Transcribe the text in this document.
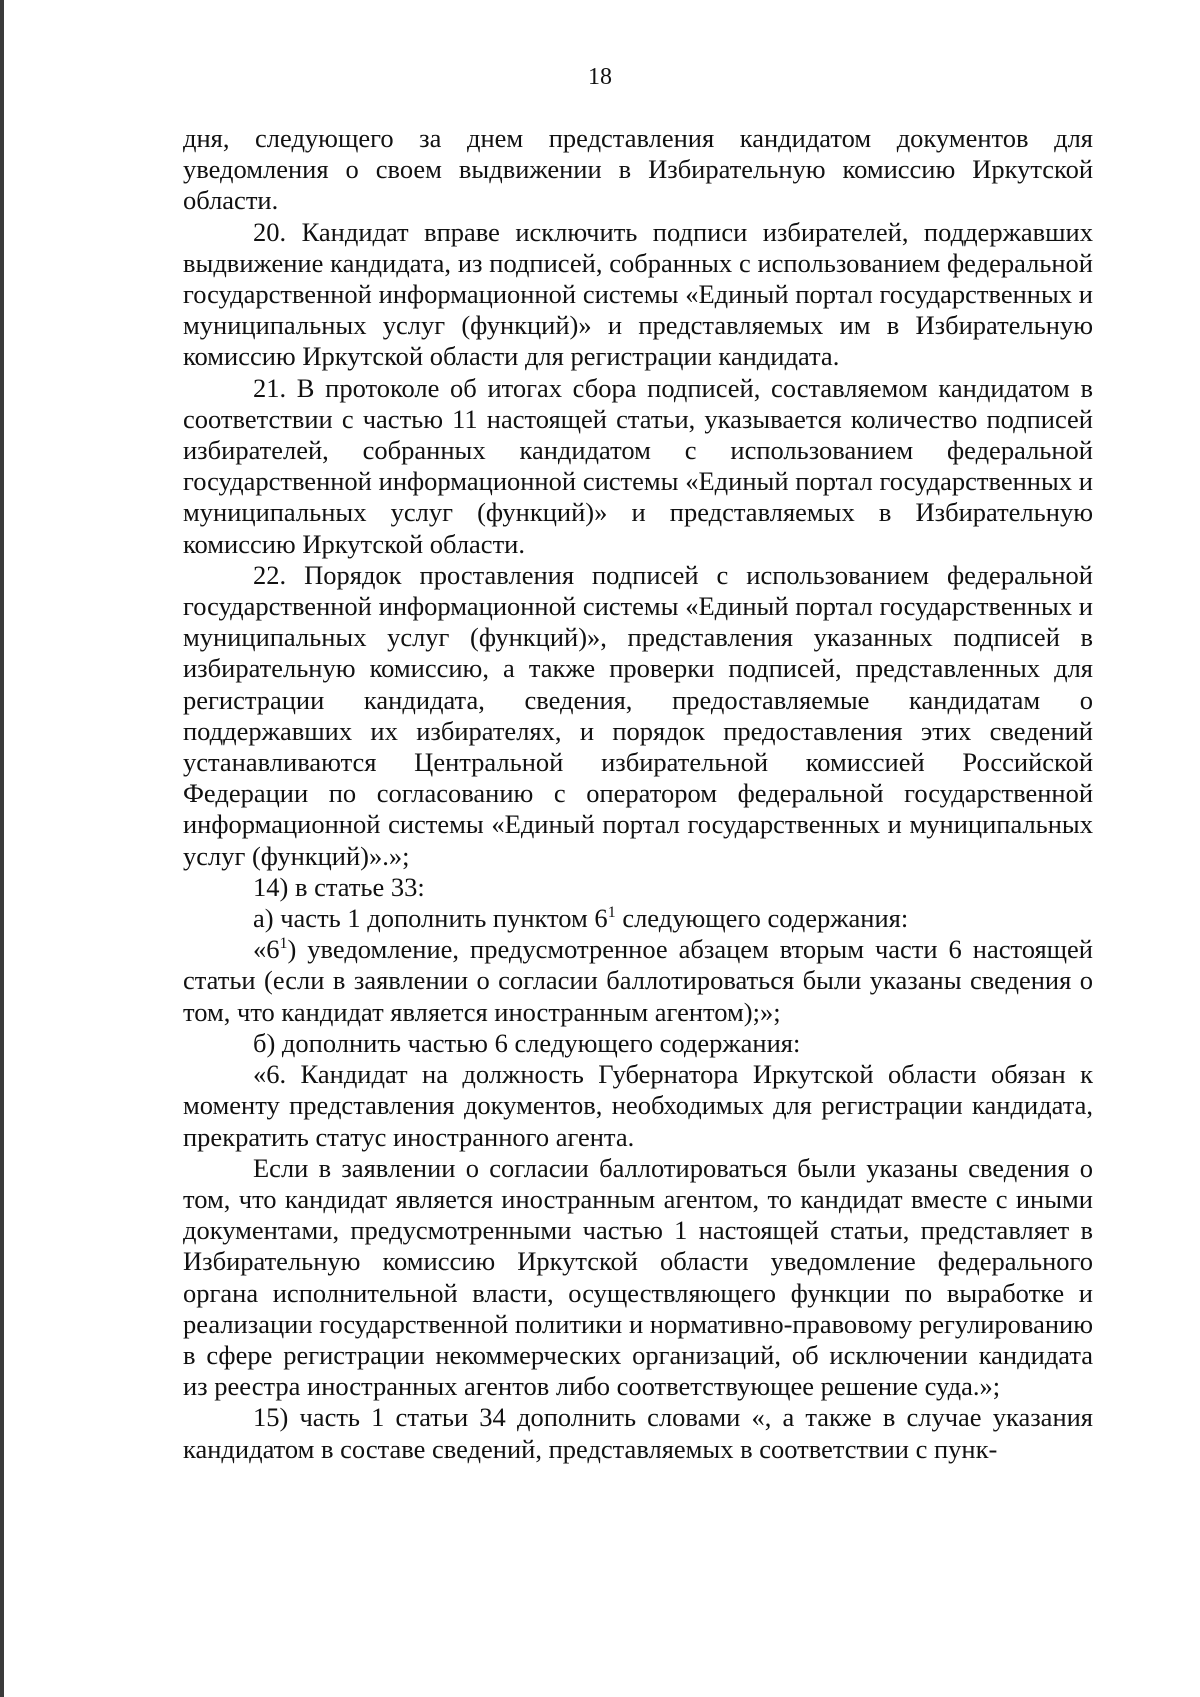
18

дня, следующего за днем представления кандидатом документов для уведомления о своем выдвижении в Избирательную комиссию Иркутской области.

20. Кандидат вправе исключить подписи избирателей, поддержавших выдвижение кандидата, из подписей, собранных с использованием федеральной государственной информационной системы «Единый портал государственных и муниципальных услуг (функций)» и представляемых им в Избирательную комиссию Иркутской области для регистрации кандидата.

21. В протоколе об итогах сбора подписей, составляемом кандидатом в соответствии с частью 11 настоящей статьи, указывается количество подписей избирателей, собранных кандидатом с использованием федеральной государственной информационной системы «Единый портал государственных и муниципальных услуг (функций)» и представляемых в Избирательную комиссию Иркутской области.

22. Порядок проставления подписей с использованием федеральной государственной информационной системы «Единый портал государственных и муниципальных услуг (функций)», представления указанных подписей в избирательную комиссию, а также проверки подписей, представленных для регистрации кандидата, сведения, предоставляемые кандидатам о поддержавших их избирателях, и порядок предоставления этих сведений устанавливаются Центральной избирательной комиссией Российской Федерации по согласованию с оператором федеральной государственной информационной системы «Единый портал государственных и муниципальных услуг (функций)».»;

14) в статье 33:

а) часть 1 дополнить пунктом $6^1$ следующего содержания:

«$6^1$) уведомление, предусмотренное абзацем вторым части 6 настоящей статьи (если в заявлении о согласии баллотироваться были указаны сведения о том, что кандидат является иностранным агентом);»;

б) дополнить частью 6 следующего содержания:

«6. Кандидат на должность Губернатора Иркутской области обязан к моменту представления документов, необходимых для регистрации кандидата, прекратить статус иностранного агента.

Если в заявлении о согласии баллотироваться были указаны сведения о том, что кандидат является иностранным агентом, то кандидат вместе с иными документами, предусмотренными частью 1 настоящей статьи, представляет в Избирательную комиссию Иркутской области уведомление федерального органа исполнительной власти, осуществляющего функции по выработке и реализации государственной политики и нормативно-правовому регулированию в сфере регистрации некоммерческих организаций, об исключении кандидата из реестра иностранных агентов либо соответствующее решение суда.»;

15) часть 1 статьи 34 дополнить словами «, а также в случае указания кандидатом в составе сведений, представляемых в соответствии с пунк-
